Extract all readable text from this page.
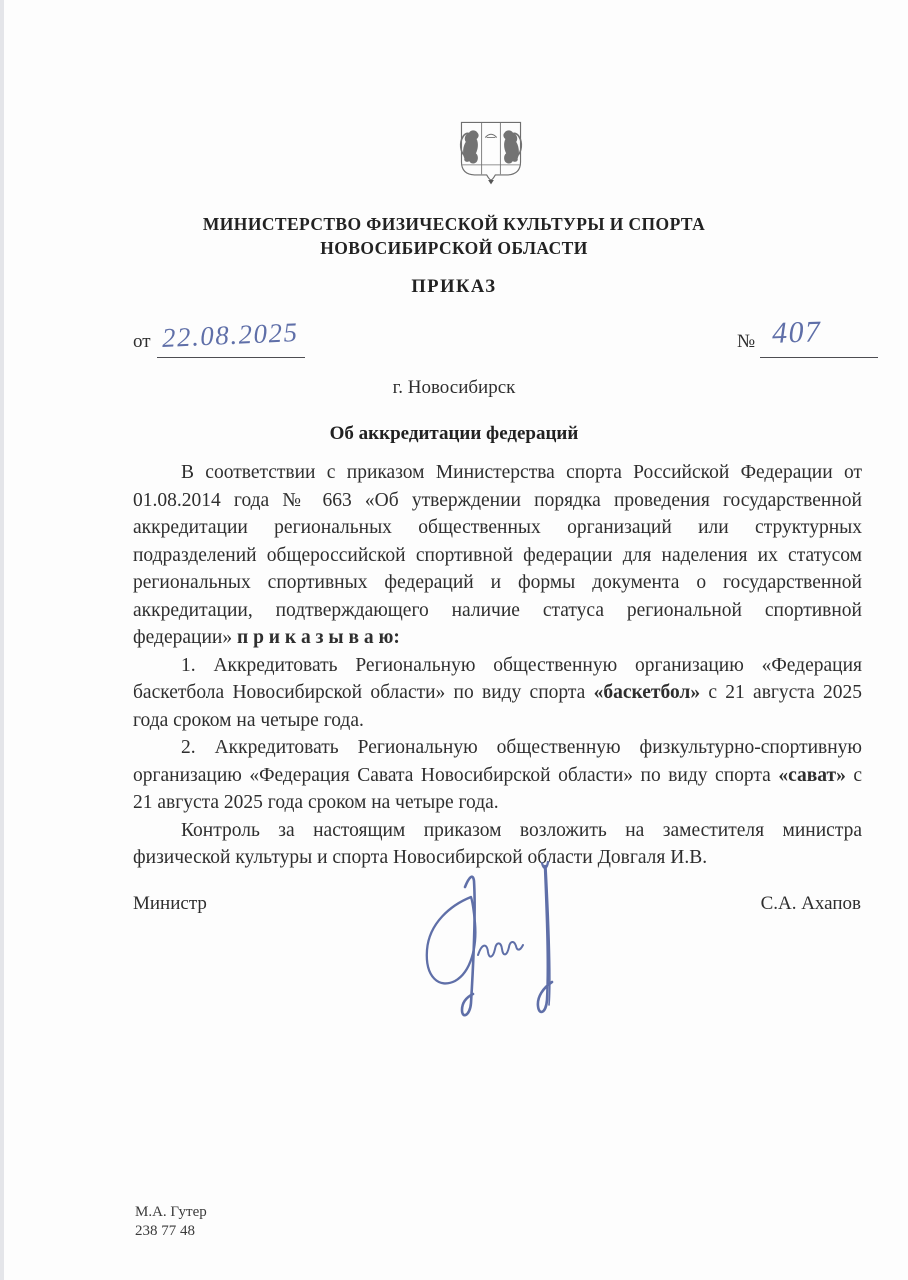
МИНИСТЕРСТВО ФИЗИЧЕСКОЙ КУЛЬТУРЫ И СПОРТА
НОВОСИБИРСКОЙ ОБЛАСТИ
ПРИКАЗ
от 22.08.2025	№ 407
г. Новосибирск
Об аккредитации федераций

В соответствии с приказом Министерства спорта Российской Федерации от 01.08.2014 года № 663 «Об утверждении порядка проведения государственной аккредитации региональных общественных организаций или структурных подразделений общероссийской спортивной федерации для наделения их статусом региональных спортивных федераций и формы документа о государственной аккредитации, подтверждающего наличие статуса региональной спортивной федерации» п р и к а з ы в а ю:

1. Аккредитовать Региональную общественную организацию «Федерация баскетбола Новосибирской области» по виду спорта «баскетбол» с 21 августа 2025 года сроком на четыре года.

2. Аккредитовать Региональную общественную физкультурно-спортивную организацию «Федерация Савата Новосибирской области» по виду спорта «сават» с 21 августа 2025 года сроком на четыре года.

Контроль за настоящим приказом возложить на заместителя министра физической культуры и спорта Новосибирской области Довгаля И.В.

Министр	С.А. Ахапов
М.А. Гутер
238 77 48
